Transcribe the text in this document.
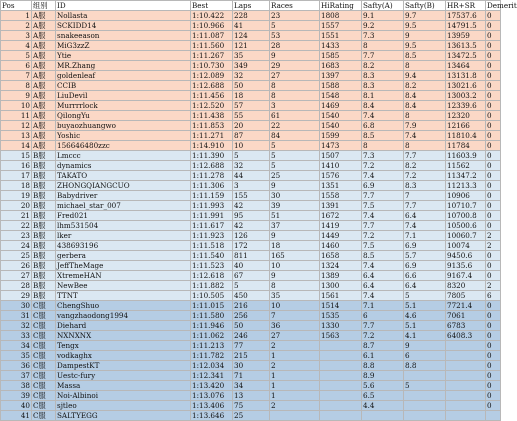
Pos	组别	ID	Best	Laps	Races	HiRating	Safty(A)	Safty(B)	HR+SR	Demerit
1	A服	Nollasta	1:10.422	228	23	1808	9.1	9.7	17537.6	0
2	A服	SCKIDD14	1:10.966	41	5	1557	9.2	9.5	14791.5	0
3	A服	snakeeason	1:11.087	124	53	1551	7.3	9	13959	0
4	A服	MiG3zzZ	1:11.560	121	28	1433	8	9.5	13613.5	0
5	A服	Ytie	1:11.267	35	9	1585	7.7	8.5	13472.5	0
6	A服	MR.Zhang	1:10.730	349	29	1683	8.2	8	13464	0
7	A服	goldenleaf	1:12.089	32	27	1397	8.3	9.4	13131.8	0
8	A服	CCIB	1:12.688	50	8	1588	8.3	8.2	13021.6	0
9	A服	LiuDevil	1:11.456	18	8	1548	8.1	8.4	13003.2	0
10	A服	Murrrrlock	1:12.520	57	3	1469	8.4	8.4	12339.6	0
11	A服	QilongYu	1:11.438	55	61	1540	7.4	8	12320	0
12	A服	buyaozhuangwo	1:11.853	20	22	1540	6.8	7.9	12166	0
13	A服	Yoshic	1:11.271	87	84	1599	8.5	7.4	11810.4	0
14	A服	156646480zzc	1:14.910	10	5	1473	8	8	11784	0
15	B服	Lmccc	1:11.390	5	5	1507	7.3	7.7	11603.9	0
16	B服	dynamics	1:12.688	32	5	1410	7.2	8.2	11562	0
17	B服	TAKATO	1:11.278	44	25	1576	7.4	7.2	11347.2	0
18	B服	ZHONGQIANGCUO	1:11.306	3	9	1351	6.9	8.3	11213.3	0
19	B服	Babydriver	1:11.159	155	30	1558	7.7	7	10906	0
20	B服	michael_star_007	1:11.993	42	39	1391	7.5	7.7	10710.7	0
21	B服	Fred021	1:11.991	95	51	1672	7.4	6.4	10700.8	0
22	B服	lhm531504	1:11.617	42	37	1419	7.7	7.4	10500.6	0
23	B服	lker	1:11.923	126	9	1449	7.2	7.1	10060.7	2
24	B服	438693196	1:11.518	172	18	1460	7.5	6.9	10074	2
25	B服	gerbera	1:11.540	811	165	1658	8.5	5.7	9450.6	0
26	B服	JeffTheMage	1:11.523	40	10	1324	7.4	6.9	9135.6	0
27	B服	XtremeHAN	1:12.618	67	9	1389	6.4	6.6	9167.4	0
28	B服	NewBee	1:11.882	5	8	1300	6.4	6.4	8320	2
29	B服	TTNT	1:10.505	450	35	1561	7.4	5	7805	6
30	C服	ChengShuo	1:11.015	216	10	1514	7.1	5.1	7721.4	0
31	C服	vangzhaodong1994	1:11.580	256	7	1535	6	4.6	7061	0
32	C服	Diehard	1:11.946	50	36	1330	7.7	5.1	6783	0
33	C服	NXNXNX	1:11.062	246	27	1563	7.2	4.1	6408.3	0
34	C服	Tengx	1:11.213	77	2		8.7	9		0
35	C服	vodkaghx	1:11.782	215	1		6.1	6		0
36	C服	DampestKT	1:12.034	30	2		8.8	8.8		0
37	C服	Uestc-fury	1:12.341	71	1		8.9			0
38	C服	Massa	1:13.420	34	1		5.6	5		0
39	C服	Noi-Albinoi	1:13.076	13	1		6.5			0
40	C服	sjtleo	1:13.406	75	2		4.4			0
41	C服	SALTYEGG	1:13.646	25						
